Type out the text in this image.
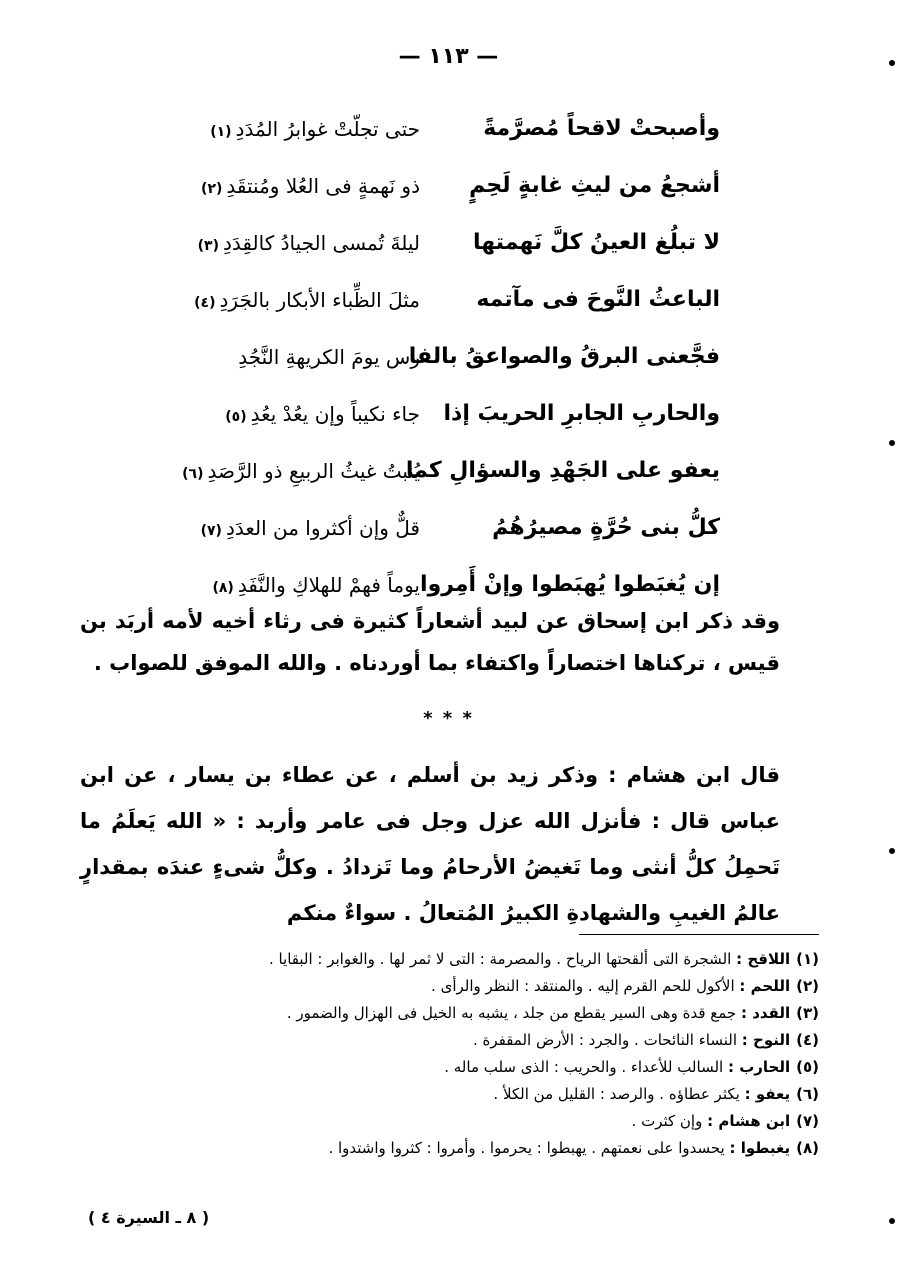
— ١١٣ —
وأصبحتْ لاقحاً مُصرَّمةً
حتى تجلّتْ غوابرُ المُدَدِ(١)
أشجعُ من ليثِ غابةٍ لَحِمٍ
ذو نَهمةٍ فى العُلا ومُنتقَدِ(٢)
لا تبلُغ العينُ كلَّ نَهمتها
ليلةَ تُمسى الجيادُ كالقِدَدِ(٣)
الباعثُ النَّوحَ فى مآتمه
مثلَ الظِّباء الأبكار بالجَرَدِ(٤)
فجَّعنى البرقُ والصواعقُ بالفا
رس يومَ الكريهةِ النَّجُدِ
والحاربِ الجابرِ الحريبَ إذا
جاء نكيباً وإن يعُدْ يعُدِ(٥)
يعفو على الجَهْدِ والسؤالِ كما
يُنبتُ غيثُ الربيعِ ذو الرَّصَدِ(٦)
كلُّ بنى حُرَّةٍ مصيرُهُمُ
قلٌّ وإن أكثروا من العدَدِ(٧)
إن يُغبَطوا يُهبَطوا وإنْ أَمِروا
يوماً فهمْ للهلاكِ والنَّفَدِ(٨)
وقد ذكر ابن إسحاق عن لبيد أشعاراً كثيرة فى رثاء أخيه لأمه أربَد بن قيس ، تركناها اختصاراً واكتفاء بما أوردناه . والله الموفق للصواب .
* * *
قال ابن هشام : وذكر زيد بن أسلم ، عن عطاء بن يسار ، عن ابن عباس قال : فأنزل الله عزل وجل فى عامر وأربد : « الله يَعلَمُ ما تَحمِلُ كلُّ أنثى وما تَغيضُ الأرحامُ وما تَزدادُ . وكلُّ شىءٍ عندَه بمقدارٍ عالمُ الغيبِ والشهادةِ الكبيرُ المُتعالُ . سواءٌ منكم
(١)اللاقح : الشجرة التى ألقحتها الرياح . والمصرمة : التى لا ثمر لها . والغوابر : البقايا .
(٢)اللحم : الأكول للحم القرم إليه . والمنتقد : النظر والرأى .
(٣)القدد : جمع قدة وهى السير يقطع من جلد ، يشبه به الخيل فى الهزال والضمور .
(٤)النوح : النساء النائحات . والجرد : الأرض المقفرة .
(٥)الحارب : السالب للأعداء . والحريب : الذى سلب ماله .
(٦)يعفو : يكثر عطاؤه . والرصد : القليل من الكلأ .
(٧)ابن هشام : وإن كثرت .
(٨)يغبطوا : يحسدوا على نعمتهم . يهبطوا : يحرموا . وأمروا : كثروا واشتدوا .
( ٨ ـ السيرة ٤ )
